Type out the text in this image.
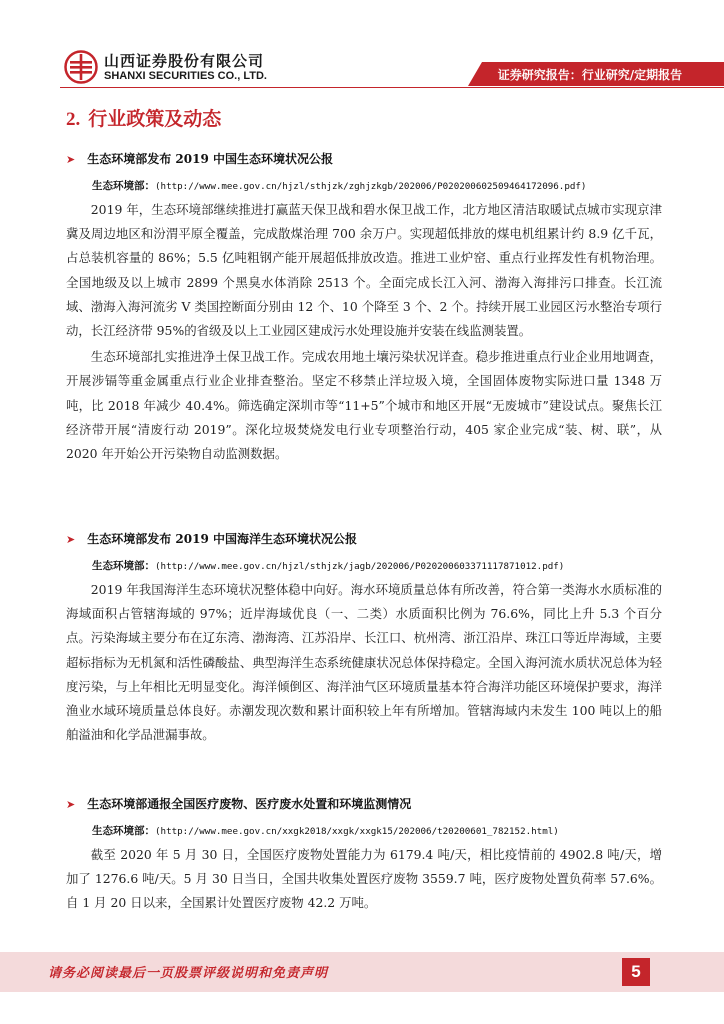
山西证券股份有限公司
SHANXI SECURITIES CO., LTD.	证券研究报告：行业研究/定期报告
2. 行业政策及动态
➤ 生态环境部发布 2019 中国生态环境状况公报
生态环境部：(http://www.mee.gov.cn/hjzl/sthjzk/zghjzkgb/202006/P020200602509464172096.pdf)
2019 年，生态环境部继续推进打赢蓝天保卫战和碧水保卫战工作，北方地区清洁取暖试点城市实现京津冀及周边地区和汾渭平原全覆盖，完成散煤治理 700 余万户。实现超低排放的煤电机组累计约 8.9 亿千瓦，占总装机容量的 86%；5.5 亿吨粗钢产能开展超低排放改造。推进工业炉窑、重点行业挥发性有机物治理。全国地级及以上城市 2899 个黑臭水体消除 2513 个。全面完成长江入河、渤海入海排污口排查。长江流域、渤海入海河流劣 V 类国控断面分别由 12 个、10 个降至 3 个、2 个。持续开展工业园区污水整治专项行动，长江经济带 95%的省级及以上工业园区建成污水处理设施并安装在线监测装置。
生态环境部扎实推进净土保卫战工作。完成农用地土壤污染状况详查。稳步推进重点行业企业用地调查，开展涉镉等重金属重点行业企业排查整治。坚定不移禁止洋垃圾入境，全国固体废物实际进口量 1348 万吨，比 2018 年减少 40.4%。筛选确定深圳市等“11+5”个城市和地区开展“无废城市”建设试点。聚焦长江经济带开展“清废行动 2019”。深化垃圾焚烧发电行业专项整治行动，405 家企业完成“装、树、联”，从 2020 年开始公开污染物自动监测数据。
➤ 生态环境部发布 2019 中国海洋生态环境状况公报
生态环境部：(http://www.mee.gov.cn/hjzl/sthjzk/jagb/202006/P020200603371117871012.pdf)
2019 年我国海洋生态环境状况整体稳中向好。海水环境质量总体有所改善，符合第一类海水水质标准的海域面积占管辖海域的 97%；近岸海域优良（一、二类）水质面积比例为 76.6%，同比上升 5.3 个百分点。污染海域主要分布在辽东湾、渤海湾、江苏沿岸、长江口、杭州湾、浙江沿岸、珠江口等近岸海域，主要超标指标为无机氮和活性磷酸盐、典型海洋生态系统健康状况总体保持稳定。全国入海河流水质状况总体为轻度污染，与上年相比无明显变化。海洋倾倒区、海洋油气区环境质量基本符合海洋功能区环境保护要求，海洋渔业水域环境质量总体良好。赤潮发现次数和累计面积较上年有所增加。管辖海域内未发生 100 吨以上的船舶溢油和化学品泄漏事故。
➤ 生态环境部通报全国医疗废物、医疗废水处置和环境监测情况
生态环境部：(http://www.mee.gov.cn/xxgk2018/xxgk/xxgk15/202006/t20200601_782152.html)
截至 2020 年 5 月 30 日，全国医疗废物处置能力为 6179.4 吨/天，相比疫情前的 4902.8 吨/天，增加了 1276.6 吨/天。5 月 30 日当日，全国共收集处置医疗废物 3559.7 吨，医疗废物处置负荷率 57.6%。自 1 月 20 日以来，全国累计处置医疗废物 42.2 万吨。
请务必阅读最后一页股票评级说明和免责声明	5
